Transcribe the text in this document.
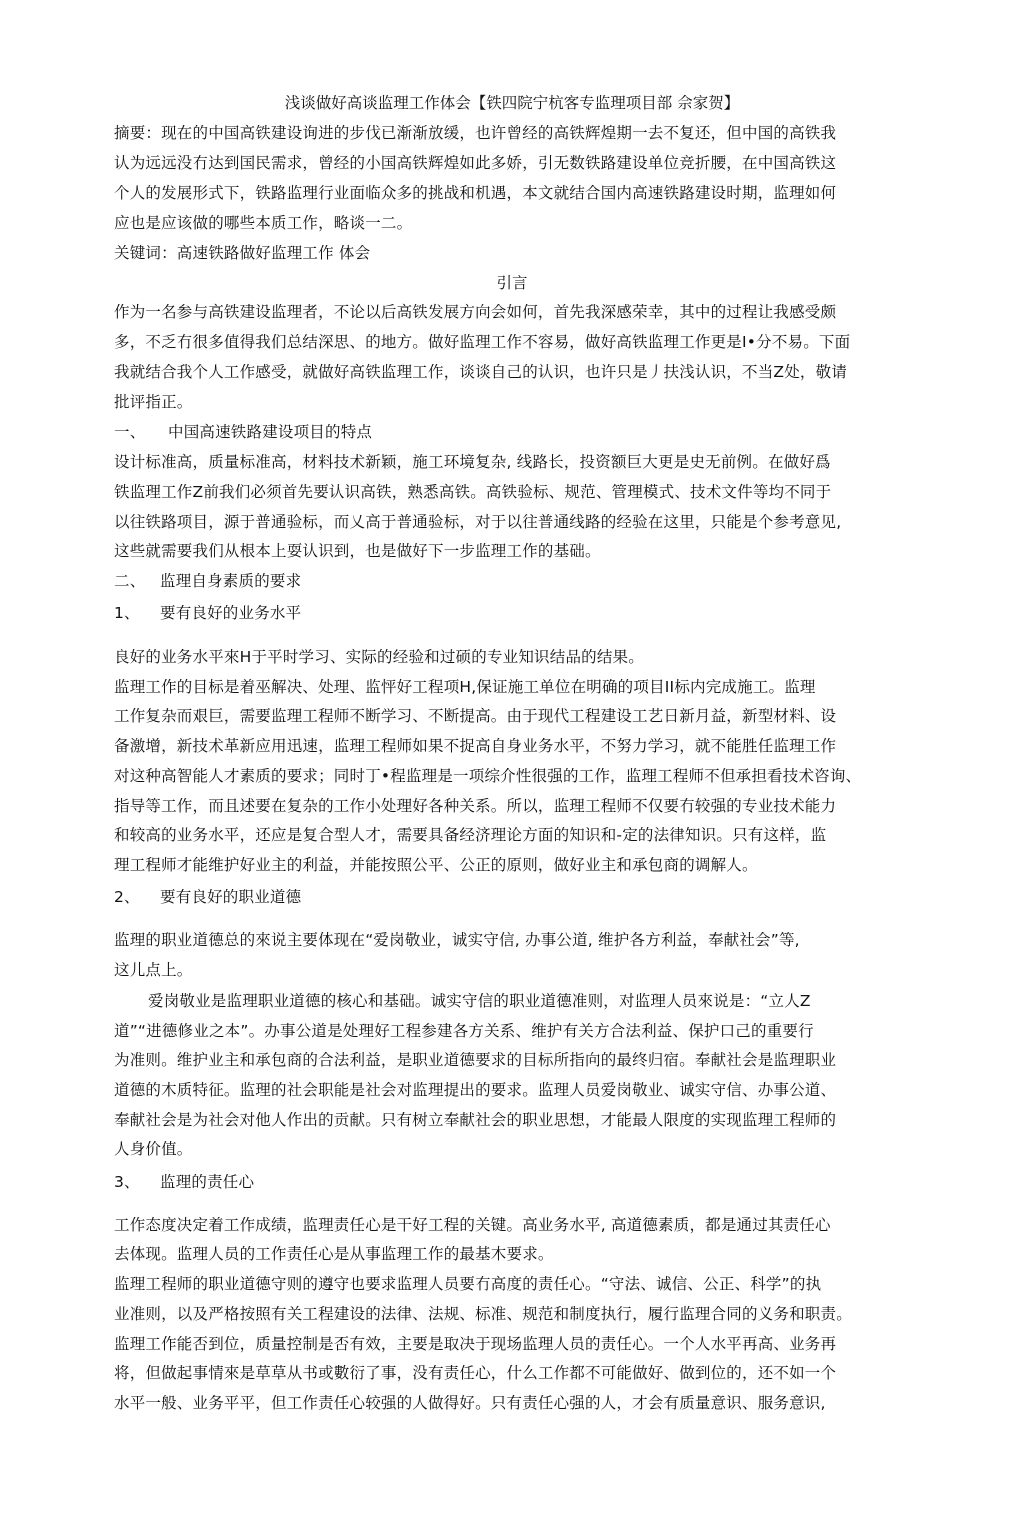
浅谈做好高谈监理工作体会【铁四院宁杭客专监理项目部 佘家贺】
摘要：现在的中国高铁建设询进的步伐已渐渐放缓，也许曾经的高铁辉煌期一去不复还，但中国的高铁我
认为远远没冇达到国民需求，曾经的小国高铁辉煌如此多娇，引无数铁路建设单位竞折腰，在中国高铁这
个人的发展形式下，铁路监理行业面临众多的挑战和机遇，本文就结合国内高速铁路建设时期，监理如何
应也是应该做的哪些本质工作，略谈一二。
关键词：高速铁路做好监理工作 体会
引言
作为一名参与高铁建设监理者，不论以后高铁发展方向会如何，首先我深感荣幸，其中的过程让我感受颇
多，不乏冇很多值得我们总结深思、的地方。做好监理工作不容易，做好高铁监理工作更是I•分不易。下面
我就结合我个人工作感受，就做好高铁监理工作，谈谈自己的认识，也许只是丿扶浅认识，不当Z处，敬请
批评指正。
一、 中国高速铁路建设项目的特点
设计标准高，质量标准高，材料技术新颖，施工环境复杂, 线路长，投资额巨大更是史无前例。在做好爲
铁监理工作Z前我们必须首先要认识高铁，熟悉高铁。高铁验标、规范、管理模式、技术文件等均不同于
以往铁路项目，源于普通验标，而乂高于普通验标，对于以往普通线路的经验在这里，只能是个参考意见,
这些就需要我们从根本上耍认识到，也是做好下一步监理工作的基础。
二、 监理自身素质的要求
1、 要有良好的业务水平
良好的业务水平來H于平时学习、实际的经验和过硕的专业知识结品的结果。
监理工作的目标是着巫解决、处理、监怦好工程项H,保证施工单位在明确的项目II标内完成施工。监理
工作复杂而艰巨，需要监理工程师不断学习、不断提高。由于现代工程建设工艺日新月益，新型材料、设
备激增，新技术革新应用迅速，监理工程师如果不捉高自身业务水平，不努力学习，就不能胜任监理工作
对这种高智能人才素质的要求；同时丁•程监理是一项综介性很强的工作，监理工程师不但承担看技术咨询、
指导等工作，而且述要在复杂的工作小处理好各种关系。所以，监理工程师不仅要冇较强的专业技术能力
和较高的业务水平，还应是复合型人才，需要具备经济理论方面的知识和-定的法律知识。只有这样，监
理工程师才能维护好业主的利益，并能按照公平、公正的原则，做好业主和承包商的调解人。
2、 要有良好的职业道德
监理的职业道德总的來说主要体现在“爱岗敬业，诚实守信, 办事公道, 维护各方利益，奉献社会”等,
这儿点上。
爱岗敬业是监理职业道德的核心和基础。诚实守信的职业道德准则，对监理人员來说是：“立人Z
道”“进德修业之本”。办事公道是处理好工程参建各方关系、维护有关方合法利益、保护口己的重要行
为准则。维护业主和承包商的合法利益，是职业道德要求的目标所指向的最终归宿。奉献社会是监理职业
道德的木质特征。监理的社会职能是社会对监理提出的要求。监理人员爱岗敬业、诚实守信、办事公道、
奉献社会是为社会对他人作出的贡献。只有树立奉献社会的职业思想，才能最人限度的实现监理工程师的
人身价值。
3、 监理的责任心
工作态度决定着工作成绩，监理责任心是干好工程的关键。高业务水平, 高道德素质，都是通过其责任心
去体现。监理人员的工作责任心是从事监理工作的最基木要求。
监理工程师的职业道德守则的遵守也要求监理人员要冇高度的责任心。“守法、诚信、公正、科学”的执
业准则，以及严格按照有关工程建设的法律、法规、标准、规范和制度执行，履行监理合同的义务和职责。
监理工作能否到位，质量控制是否有效，主要是取决于现场监理人员的责任心。一个人水平再高、业务再
将，但做起事情來是草草从书或數衍了事，没有责任心，什么工作都不可能做好、做到位的，还不如一个
水平一般、业务平平，但工作责任心较强的人做得好。只有责任心强的人，才会有质量意识、服务意识,
